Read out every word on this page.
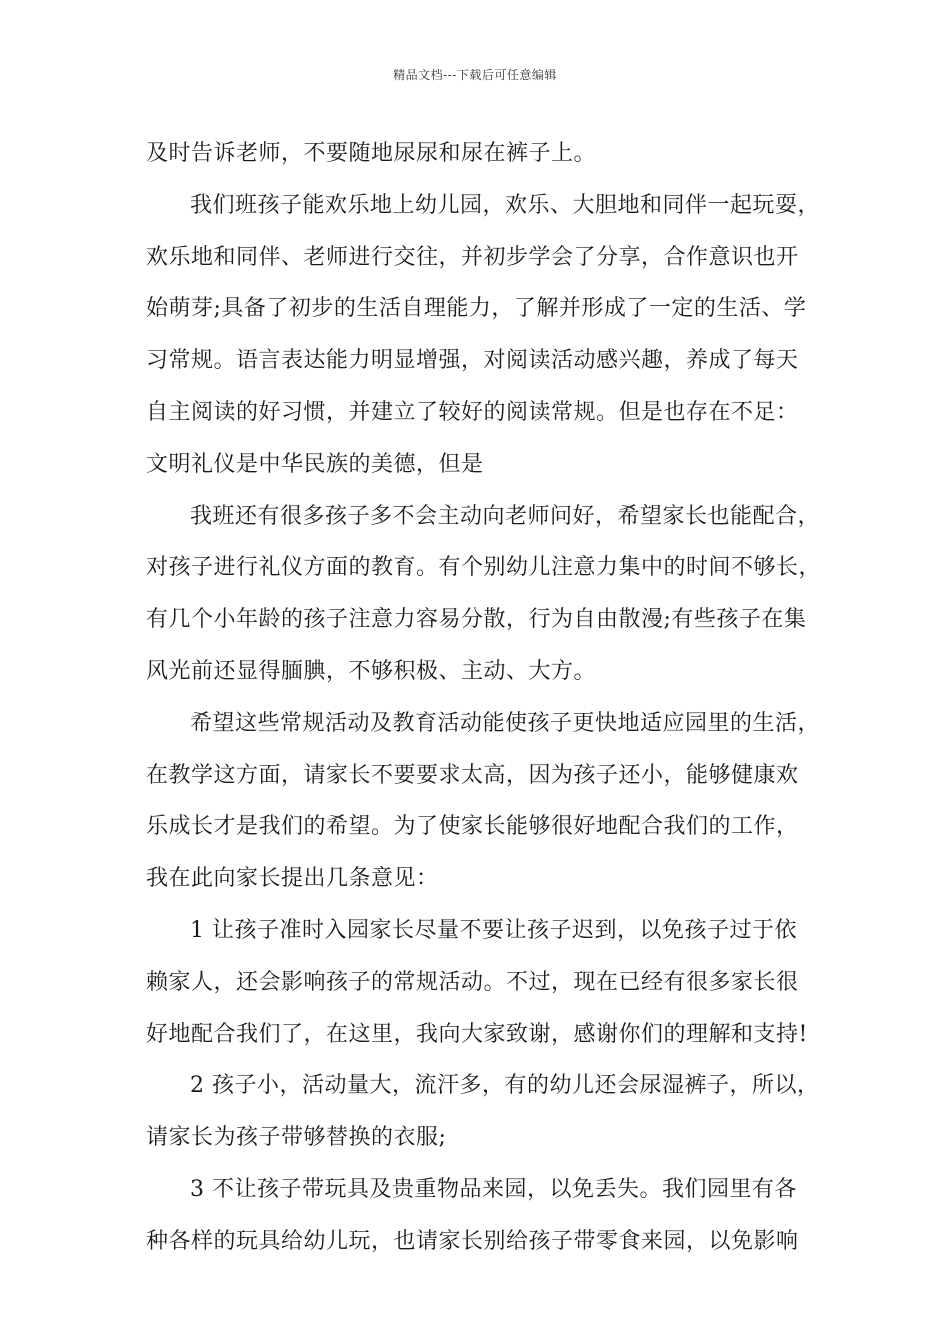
精品文档---下载后可任意编辑
及时告诉老师，不要随地尿尿和尿在裤子上。
我们班孩子能欢乐地上幼儿园，欢乐、大胆地和同伴一起玩耍，
欢乐地和同伴、老师进行交往，并初步学会了分享，合作意识也开
始萌芽;具备了初步的生活自理能力，了解并形成了一定的生活、学
习常规。语言表达能力明显增强，对阅读活动感兴趣，养成了每天
自主阅读的好习惯，并建立了较好的阅读常规。但是也存在不足：
文明礼仪是中华民族的美德，但是
我班还有很多孩子多不会主动向老师问好，希望家长也能配合，
对孩子进行礼仪方面的教育。有个别幼儿注意力集中的时间不够长，
有几个小年龄的孩子注意力容易分散，行为自由散漫;有些孩子在集
风光前还显得腼腆，不够积极、主动、大方。
希望这些常规活动及教育活动能使孩子更快地适应园里的生活，
在教学这方面，请家长不要要求太高，因为孩子还小，能够健康欢
乐成长才是我们的希望。为了使家长能够很好地配合我们的工作，
我在此向家长提出几条意见：
1 让孩子准时入园家长尽量不要让孩子迟到，以免孩子过于依
赖家人，还会影响孩子的常规活动。不过，现在已经有很多家长很
好地配合我们了，在这里，我向大家致谢，感谢你们的理解和支持!
2 孩子小，活动量大，流汗多，有的幼儿还会尿湿裤子，所以，
请家长为孩子带够替换的衣服;
3 不让孩子带玩具及贵重物品来园，以免丢失。我们园里有各
种各样的玩具给幼儿玩，也请家长别给孩子带零食来园，以免影响
